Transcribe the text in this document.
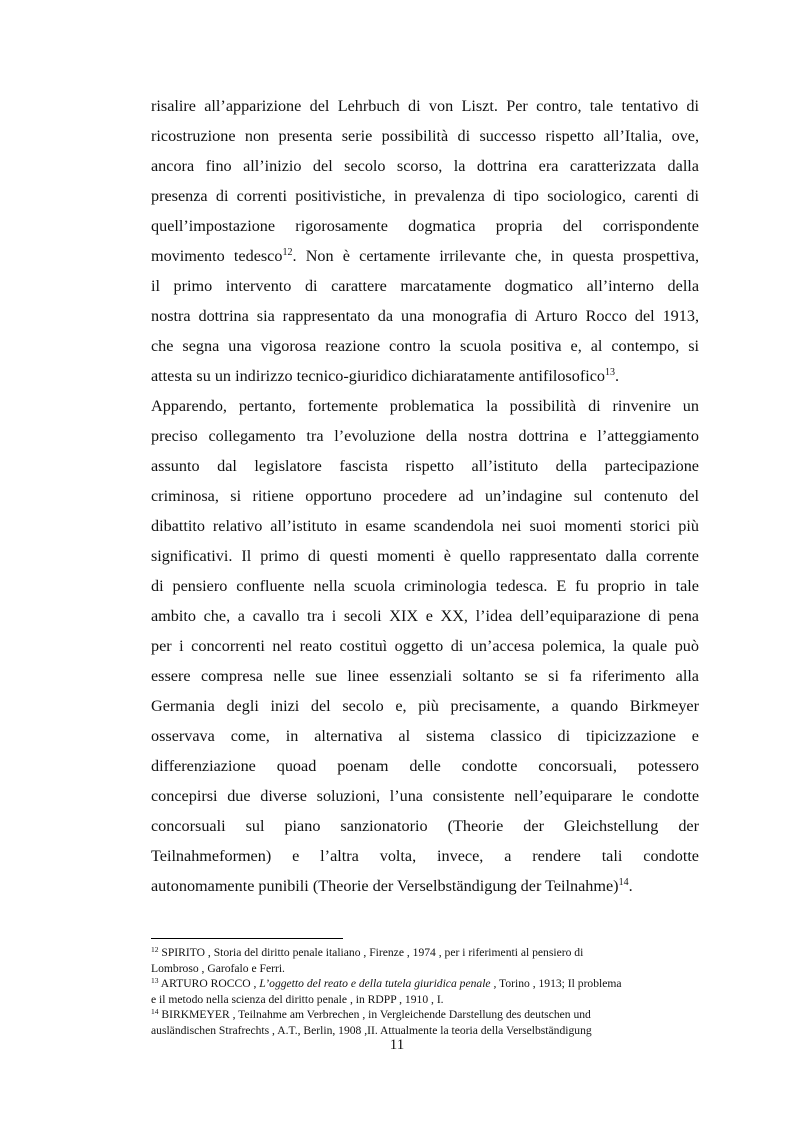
risalire all’apparizione del Lehrbuch di von Liszt. Per contro, tale tentativo di
ricostruzione non presenta serie possibilità di successo rispetto all’Italia, ove,
ancora fino all’inizio del secolo scorso, la dottrina era caratterizzata dalla
presenza di correnti positivistiche, in prevalenza di tipo sociologico, carenti di
quell’impostazione rigorosamente dogmatica propria del corrispondente
movimento tedesco$^{12}$. Non è certamente irrilevante che, in questa prospettiva,
il primo intervento di carattere marcatamente dogmatico all’interno della
nostra dottrina sia rappresentato da una monografia di Arturo Rocco del 1913,
che segna una vigorosa reazione contro la scuola positiva e, al contempo, si
attesta su un indirizzo tecnico-giuridico dichiaratamente antifilosofico$^{13}$.
Apparendo, pertanto, fortemente problematica la possibilità di rinvenire un
preciso collegamento tra l’evoluzione della nostra dottrina e l’atteggiamento
assunto dal legislatore fascista rispetto all’istituto della partecipazione
criminosa, si ritiene opportuno procedere ad un’indagine sul contenuto del
dibattito relativo all’istituto in esame scandendola nei suoi momenti storici più
significativi. Il primo di questi momenti è quello rappresentato dalla corrente
di pensiero confluente nella scuola criminologia tedesca. E fu proprio in tale
ambito che, a cavallo tra i secoli XIX e XX, l’idea dell’equiparazione di pena
per i concorrenti nel reato costituì oggetto di un’accesa polemica, la quale può
essere compresa nelle sue linee essenziali soltanto se si fa riferimento alla
Germania degli inizi del secolo e, più precisamente, a quando Birkmeyer
osservava come, in alternativa al sistema classico di tipicizzazione e
differenziazione quoad poenam delle condotte concorsuali, potessero
concepirsi due diverse soluzioni, l’una consistente nell’equiparare le condotte
concorsuali sul piano sanzionatorio (Theorie der Gleichstellung der
Teilnahmeformen) e l’altra volta, invece, a rendere tali condotte
autonomamente punibili (Theorie der Verselbständigung der Teilnahme)$^{14}$.
$^{12}$ SPIRITO , Storia del diritto penale italiano , Firenze , 1974 , per i riferimenti al pensiero di
Lombroso , Garofalo e Ferri.
$^{13}$ ARTURO ROCCO , L’oggetto del reato e della tutela giuridica penale , Torino , 1913; Il problema
e il metodo nella scienza del diritto penale , in RDPP , 1910 , I.
$^{14}$ BIRKMEYER , Teilnahme am Verbrechen , in Vergleichende Darstellung des deutschen und
ausländischen Strafrechts , A.T., Berlin, 1908 ,II. Attualmente la teoria della Verselbständigung
11
